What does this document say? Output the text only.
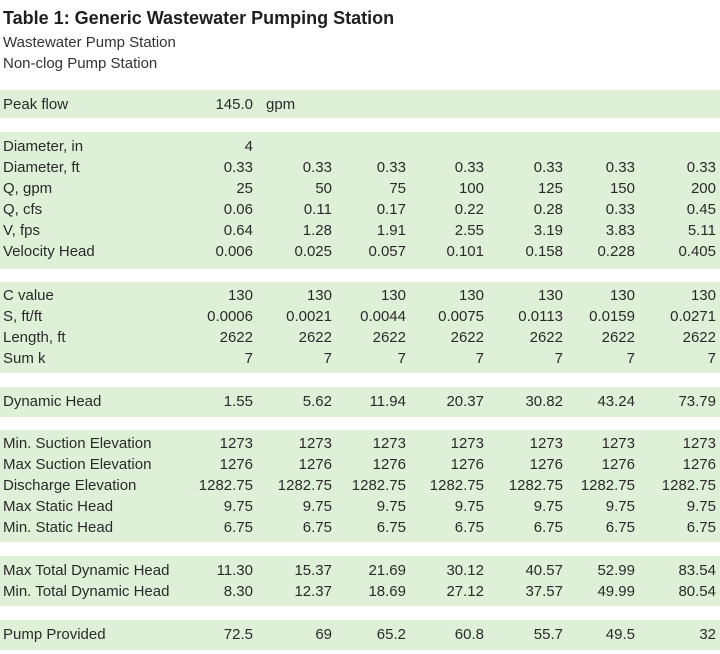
Table 1: Generic Wastewater Pumping Station
Wastewater Pump Station
Non-clog Pump Station
Peak flow	145.0 gpm
Diameter, in	4
Diameter, ft	0.33	0.33	0.33	0.33	0.33	0.33	0.33
Q, gpm	25	50	75	100	125	150	200
Q, cfs	0.06	0.11	0.17	0.22	0.28	0.33	0.45
V, fps	0.64	1.28	1.91	2.55	3.19	3.83	5.11
Velocity Head	0.006	0.025	0.057	0.101	0.158	0.228	0.405
C value	130	130	130	130	130	130	130
S, ft/ft	0.0006	0.0021	0.0044	0.0075	0.0113	0.0159	0.0271
Length, ft	2622	2622	2622	2622	2622	2622	2622
Sum k	7	7	7	7	7	7	7
Dynamic Head	1.55	5.62	11.94	20.37	30.82	43.24	73.79
Min. Suction Elevation	1273	1273	1273	1273	1273	1273	1273
Max Suction Elevation	1276	1276	1276	1276	1276	1276	1276
Discharge Elevation	1282.75	1282.75	1282.75	1282.75	1282.75	1282.75	1282.75
Max Static Head	9.75	9.75	9.75	9.75	9.75	9.75	9.75
Min. Static Head	6.75	6.75	6.75	6.75	6.75	6.75	6.75
Max Total Dynamic Head	11.30	15.37	21.69	30.12	40.57	52.99	83.54
Min. Total Dynamic Head	8.30	12.37	18.69	27.12	37.57	49.99	80.54
Pump Provided	72.5	69	65.2	60.8	55.7	49.5	32
